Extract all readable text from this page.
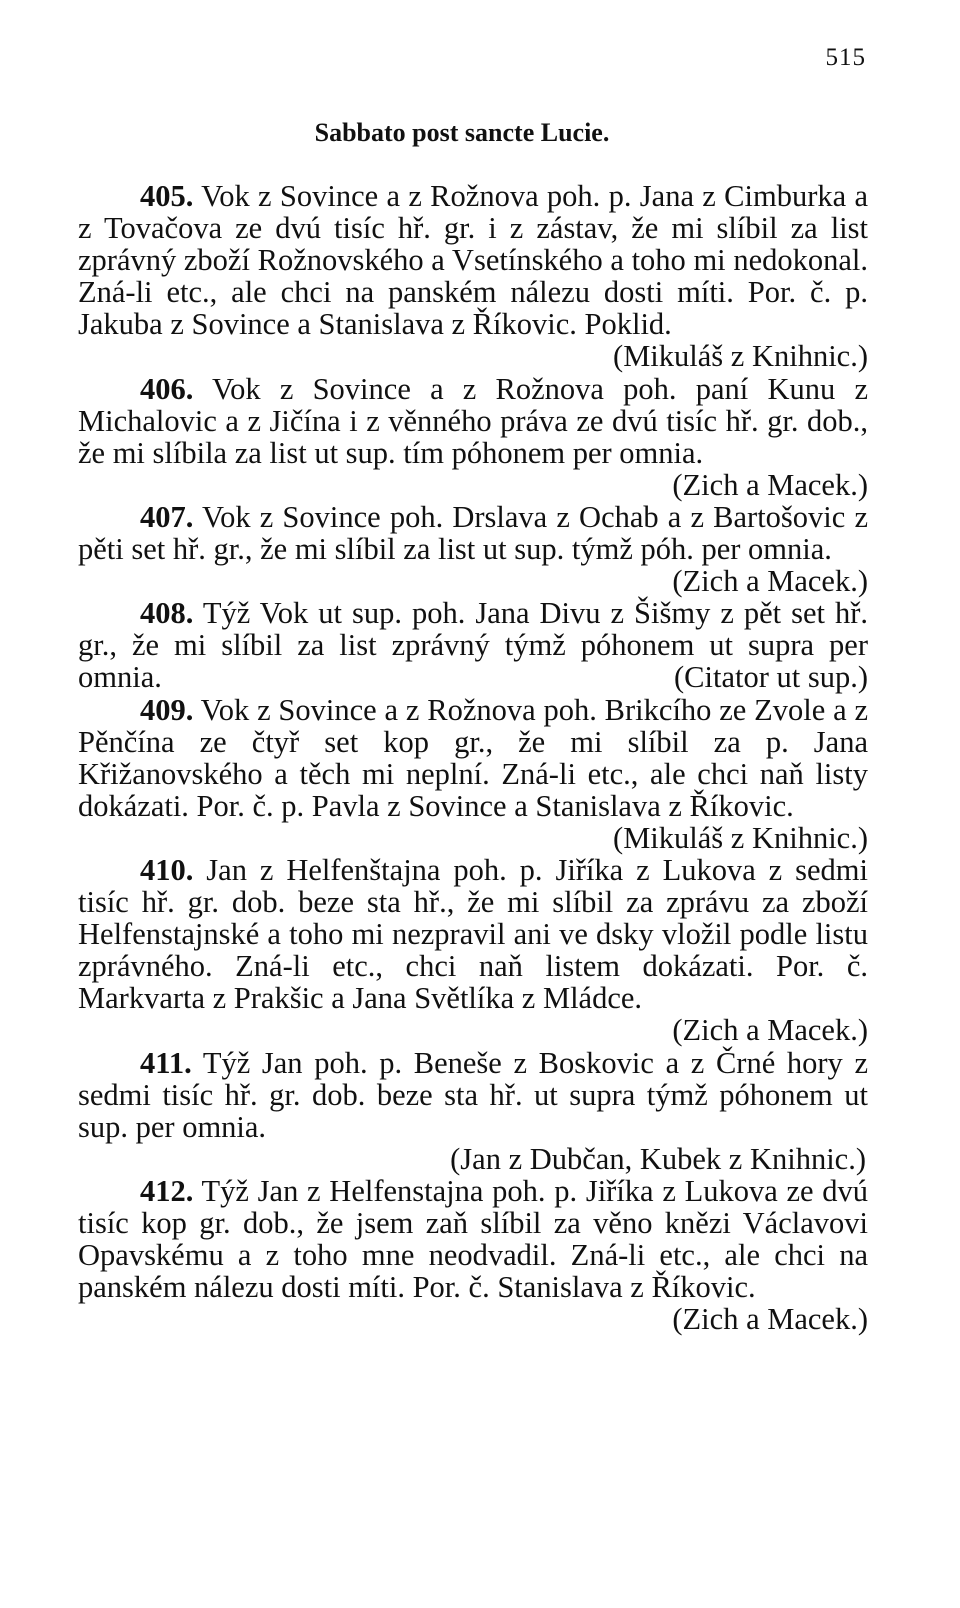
515
Sabbato post sancte Lucie.

405. Vok z Sovince a z Rožnova poh. p. Jana z Cimburka a z Tovačova ze dvú tisíc hř. gr. i z zástav, že mi slíbil za list zprávný zboží Rožnovského a Vsetínského a toho mi nedokonal. Zná-li etc., ale chci na panském nálezu dosti míti. Por. č. p. Jakuba z Sovince a Stanislava z Říkovic. Poklid.
(Mikuláš z Knihnic.)

406. Vok z Sovince a z Rožnova poh. paní Kunu z Michalovic a z Jičína i z věnného práva ze dvú tisíc hř. gr. dob., že mi slíbila za list ut sup. tím póhonem per omnia.
(Zich a Macek.)

407. Vok z Sovince poh. Drslava z Ochab a z Bartošovic z pěti set hř. gr., že mi slíbil za list ut sup. týmž póh. per omnia.
(Zich a Macek.)

408. Týž Vok ut sup. poh. Jana Divu z Šišmy z pět set hř. gr., že mi slíbil za list zprávný týmž póhonem ut supra per omnia.	(Citator ut sup.)

409. Vok z Sovince a z Rožnova poh. Brikcího ze Zvole a z Pěnčína ze čtyř set kop gr., že mi slíbil za p. Jana Křižanovského a těch mi neplní. Zná-li etc., ale chci naň listy dokázati. Por. č. p. Pavla z Sovince a Stanislava z Říkovic.
(Mikuláš z Knihnic.)

410. Jan z Helfenštajna poh. p. Jiříka z Lukova z sedmi tisíc hř. gr. dob. beze sta hř., že mi slíbil za zprávu za zboží Helfenstajnské a toho mi nezpravil ani ve dsky vložil podle listu zprávného. Zná-li etc., chci naň listem dokázati. Por. č. Markvarta z Prakšic a Jana Světlíka z Mládce.
(Zich a Macek.)

411. Týž Jan poh. p. Beneše z Boskovic a z Črné hory z sedmi tisíc hř. gr. dob. beze sta hř. ut supra týmž póhonem ut sup. per omnia.

(Jan z Dubčan, Kubek z Knihnic.)

412. Týž Jan z Helfenstajna poh. p. Jiříka z Lukova ze dvú tisíc kop gr. dob., že jsem zaň slíbil za věno knězi Václavovi Opavskému a z toho mne neodvadil. Zná-li etc., ale chci na panském nálezu dosti míti. Por. č. Stanislava z Říkovic.
(Zich a Macek.)
